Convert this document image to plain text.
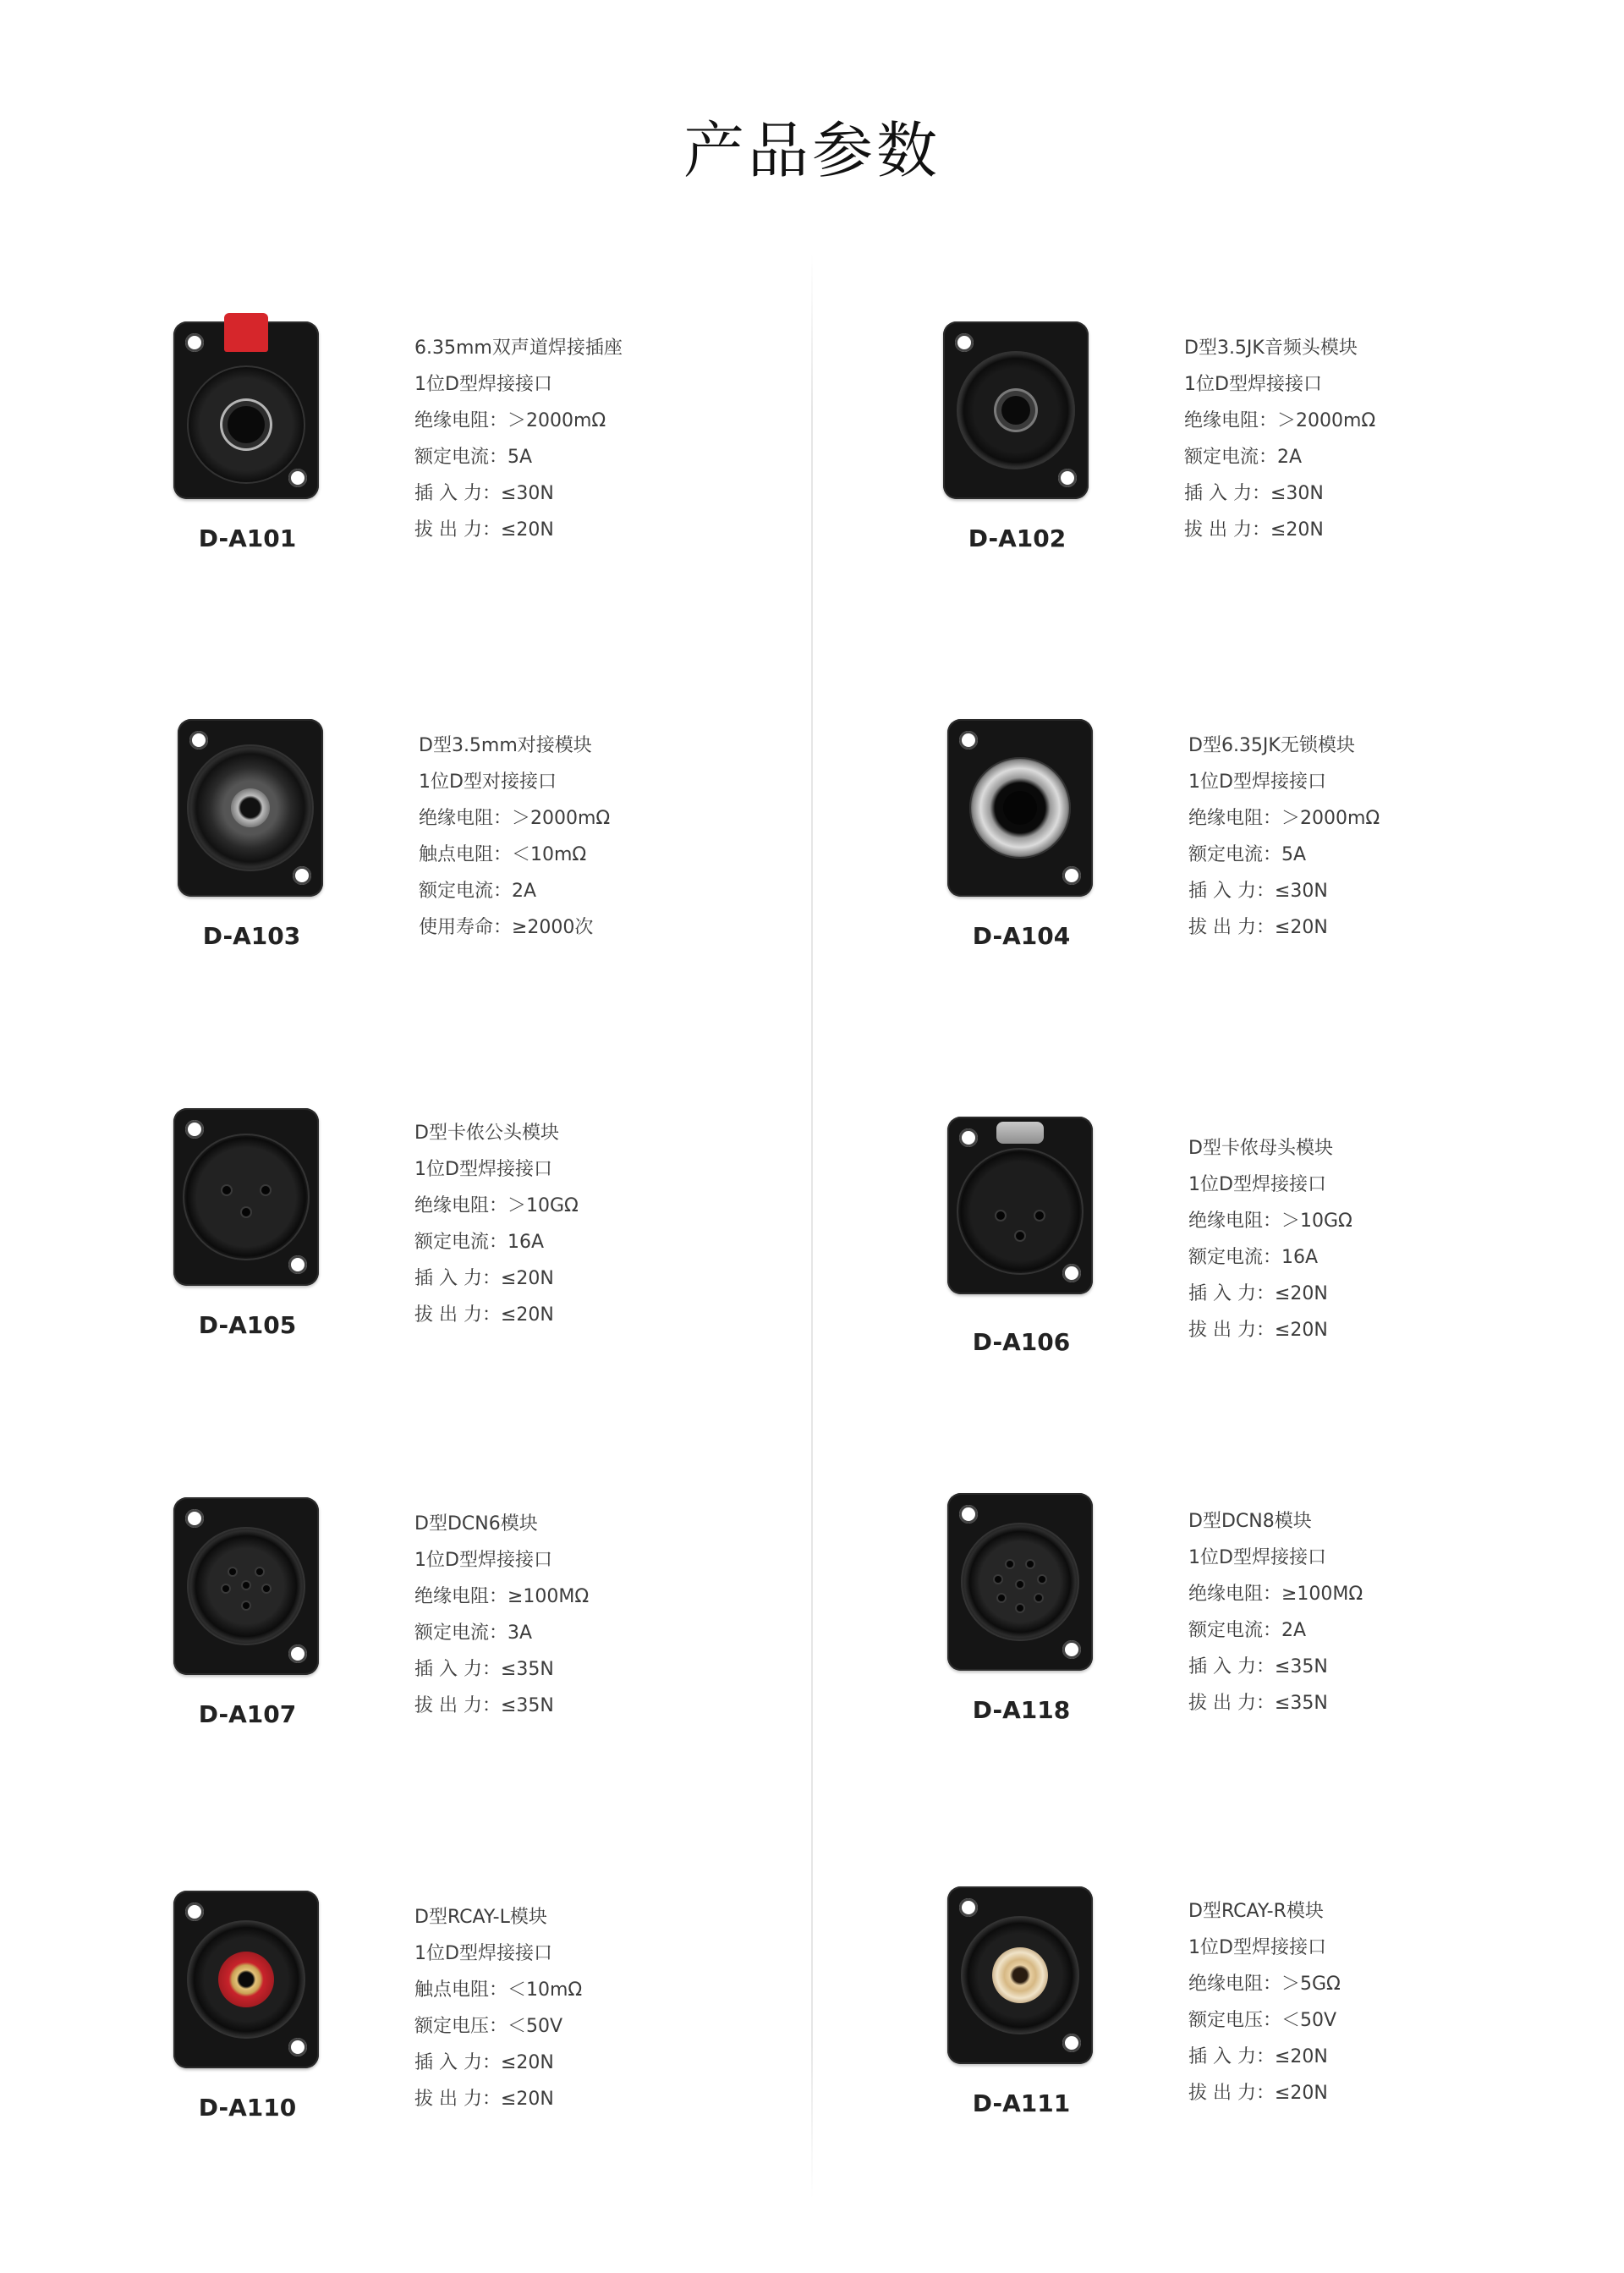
产品参数

D-A101

6.35mm双声道焊接插座
1位D型焊接接口
绝缘电阻：＞2000mΩ
额定电流：5A
插 入 力：≤30N
拔 出 力：≤20N	D-A102

D型3.5JK音频头模块
1位D型焊接接口
绝缘电阻：＞2000mΩ
额定电流：2A
插 入 力：≤30N
拔 出 力：≤20N

D-A103

D型3.5mm对接模块
1位D型对接接口
绝缘电阻：＞2000mΩ
触点电阻：＜10mΩ
额定电流：2A
使用寿命：≥2000次	D-A104

D型6.35JK无锁模块
1位D型焊接接口
绝缘电阻：＞2000mΩ
额定电流：5A
插 入 力：≤30N
拔 出 力：≤20N

D-A105

D型卡侬公头模块
1位D型焊接接口
绝缘电阻：＞10GΩ
额定电流：16A
插 入 力：≤20N
拔 出 力：≤20N

D-A106

D型卡侬母头模块
1位D型焊接接口
绝缘电阻：＞10GΩ
额定电流：16A
插 入 力：≤20N
拔 出 力：≤20N

D-A107

D型DCN6模块
1位D型焊接接口
绝缘电阻：≥100MΩ
额定电流：3A
插 入 力：≤35N
拔 出 力：≤35N	D-A118

D型DCN8模块
1位D型焊接接口
绝缘电阻：≥100MΩ
额定电流：2A
插 入 力：≤35N
拔 出 力：≤35N

D-A110

D型RCAY-L模块
1位D型焊接接口
触点电阻：＜10mΩ
额定电压：＜50V
插 入 力：≤20N
拔 出 力：≤20N	D-A111

D型RCAY-R模块
1位D型焊接接口
绝缘电阻：＞5GΩ
额定电压：＜50V
插 入 力：≤20N
拔 出 力：≤20N
